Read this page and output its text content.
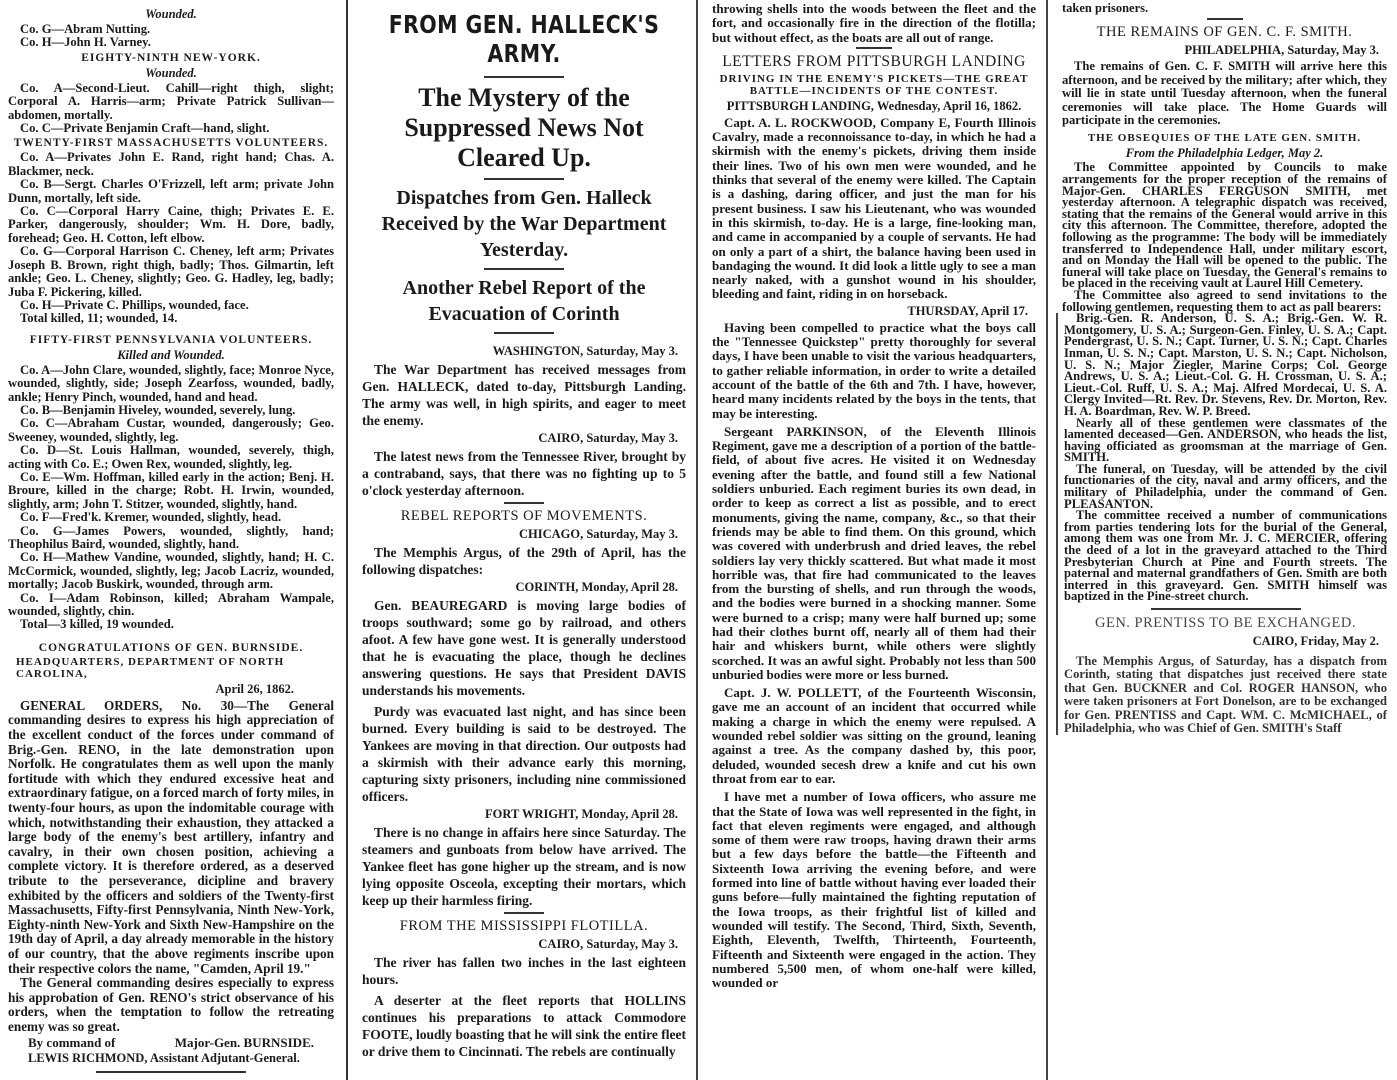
Wounded.

Co. G—Abram Nutting.

Co. H—John H. Varney.

EIGHTY-NINTH NEW-YORK.
Wounded.

Co. A—Second-Lieut. Cahill—right thigh, slight; Corporal A. Harris—arm; Private Patrick Sullivan—abdomen, mortally.

Co. C—Private Benjamin Craft—hand, slight.

TWENTY-FIRST MASSACHUSETTS VOLUNTEERS.

Co. A—Privates John E. Rand, right hand; Chas. A. Blackmer, neck.

Co. B—Sergt. Charles O'Frizzell, left arm; private John Dunn, mortally, left side.

Co. C—Corporal Harry Caine, thigh; Privates E. E. Parker, dangerously, shoulder; Wm. H. Dore, badly, forehead; Geo. H. Cotton, left elbow.

Co. G—Corporal Harrison C. Cheney, left arm; Privates Joseph B. Brown, right thigh, badly; Thos. Gilmartin, left ankle; Geo. L. Cheney, slightly; Geo. G. Hadley, leg, badly; Juba F. Pickering, killed.

Co. H—Private C. Phillips, wounded, face.

Total killed, 11; wounded, 14.

FIFTY-FIRST PENNSYLVANIA VOLUNTEERS.
Killed and Wounded.

Co. A—John Clare, wounded, slightly, face; Monroe Nyce, wounded, slightly, side; Joseph Zearfoss, wounded, badly, ankle; Henry Pinch, wounded, hand and head.

Co. B—Benjamin Hiveley, wounded, severely, lung.

Co. C—Abraham Custar, wounded, dangerously; Geo. Sweeney, wounded, slightly, leg.

Co. D—St. Louis Hallman, wounded, severely, thigh, acting with Co. E.; Owen Rex, wounded, slightly, leg.

Co. E—Wm. Hoffman, killed early in the action; Benj. H. Broure, killed in the charge; Robt. H. Irwin, wounded, slightly, arm; John T. Stitzer, wounded, slightly, hand.

Co. F—Fred'k. Kremer, wounded, slightly, head.

Co. G—James Powers, wounded, slightly, hand; Theophilus Baird, wounded, slightly, hand.

Co. H—Mathew Vandine, wounded, slightly, hand; H. C. McCormick, wounded, slightly, leg; Jacob Lacriz, wounded, mortally; Jacob Buskirk, wounded, through arm.

Co. I—Adam Robinson, killed; Abraham Wampale, wounded, slightly, chin.

Total—3 killed, 19 wounded.

CONGRATULATIONS OF GEN. BURNSIDE.
HEADQUARTERS, DEPARTMENT OF NORTH CAROLINA,
April 26, 1862.

GENERAL ORDERS, No. 30—The General commanding desires to express his high appreciation of the excellent conduct of the forces under command of Brig.-Gen. RENO, in the late demonstration upon Norfolk. He congratulates them as well upon the manly fortitude with which they endured excessive heat and extraordinary fatigue, on a forced march of forty miles, in twenty-four hours, as upon the indomitable courage with which, notwithstanding their exhaustion, they attacked a large body of the enemy's best artillery, infantry and cavalry, in their own chosen position, achieving a complete victory. It is therefore ordered, as a deserved tribute to the perseverance, dicipline and bravery exhibited by the officers and soldiers of the Twenty-first Massachusetts, Fifty-first Pennsylvania, Ninth New-York, Eighty-ninth New-York and Sixth New-Hampshire on the 19th day of April, a day already memorable in the history of our country, that the above regiments inscribe upon their respective colors the name, "Camden, April 19."

The General commanding desires especially to express his approbation of Gen. RENO's strict observance of his orders, when the temptation to follow the retreating enemy was so great.

By command of	Major-Gen. BURNSIDE.
LEWIS RICHMOND, Assistant Adjutant-General.
FROM GEN. HALLECK'S ARMY.
The Mystery of the Suppressed News Not Cleared Up.
Dispatches from Gen. Halleck Received by the War Department Yesterday.
Another Rebel Report of the Evacuation of Corinth
WASHINGTON, Saturday, May 3.

The War Department has received messages from Gen. HALLECK, dated to-day, Pittsburgh Landing. The army was well, in high spirits, and eager to meet the enemy.

CAIRO, Saturday, May 3.

The latest news from the Tennessee River, brought by a contraband, says, that there was no fighting up to 5 o'clock yesterday afternoon.

REBEL REPORTS OF MOVEMENTS.
CHICAGO, Saturday, May 3.

The Memphis Argus, of the 29th of April, has the following dispatches:

CORINTH, Monday, April 28.

Gen. BEAUREGARD is moving large bodies of troops southward; some go by railroad, and others afoot. A few have gone west. It is generally understood that he is evacuating the place, though he declines answering questions. He says that President DAVIS understands his movements.

Purdy was evacuated last night, and has since been burned. Every building is said to be destroyed. The Yankees are moving in that direction. Our outposts had a skirmish with their advance early this morning, capturing sixty prisoners, including nine commissioned officers.

FORT WRIGHT, Monday, April 28.

There is no change in affairs here since Saturday. The steamers and gunboats from below have arrived. The Yankee fleet has gone higher up the stream, and is now lying opposite Osceola, excepting their mortars, which keep up their harmless firing.

FROM THE MISSISSIPPI FLOTILLA.
CAIRO, Saturday, May 3.

The river has fallen two inches in the last eighteen hours.

A deserter at the fleet reports that HOLLINS continues his preparations to attack Commodore FOOTE, loudly boasting that he will sink the entire fleet or drive them to Cincinnati. The rebels are continually

throwing shells into the woods between the fleet and the fort, and occasionally fire in the direction of the flotilla; but without effect, as the boats are all out of range.

LETTERS FROM PITTSBURGH LANDING
DRIVING IN THE ENEMY'S PICKETS—THE GREAT BATTLE—INCIDENTS OF THE CONTEST.
PITTSBURGH LANDING, Wednesday, April 16, 1862.

Capt. A. L. ROCKWOOD, Company E, Fourth Illinois Cavalry, made a reconnoissance to-day, in which he had a skirmish with the enemy's pickets, driving them inside their lines. Two of his own men were wounded, and he thinks that several of the enemy were killed. The Captain is a dashing, daring officer, and just the man for his present business. I saw his Lieutenant, who was wounded in this skirmish, to-day. He is a large, fine-looking man, and came in accompanied by a couple of servants. He had on only a part of a shirt, the balance having been used in bandaging the wound. It did look a little ugly to see a man nearly naked, with a gunshot wound in his shoulder, bleeding and faint, riding in on horseback.

THURSDAY, April 17.

Having been compelled to practice what the boys call the "Tennessee Quickstep" pretty thoroughly for several days, I have been unable to visit the various headquarters, to gather reliable information, in order to write a detailed account of the battle of the 6th and 7th. I have, however, heard many incidents related by the boys in the tents, that may be interesting.

Sergeant PARKINSON, of the Eleventh Illinois Regiment, gave me a description of a portion of the battle-field, of about five acres. He visited it on Wednesday evening after the battle, and found still a few National soldiers unburied. Each regiment buries its own dead, in order to keep as correct a list as possible, and to erect monuments, giving the name, company, &c., so that their friends may be able to find them. On this ground, which was covered with underbrush and dried leaves, the rebel soldiers lay very thickly scattered. But what made it most horrible was, that fire had communicated to the leaves from the bursting of shells, and run through the woods, and the bodies were burned in a shocking manner. Some were burned to a crisp; many were half burned up; some had their clothes burnt off, nearly all of them had their hair and whiskers burnt, while others were slightly scorched. It was an awful sight. Probably not less than 500 unburied bodies were more or less burned.

Capt. J. W. POLLETT, of the Fourteenth Wisconsin, gave me an account of an incident that occurred while making a charge in which the enemy were repulsed. A wounded rebel soldier was sitting on the ground, leaning against a tree. As the company dashed by, this poor, deluded, wounded secesh drew a knife and cut his own throat from ear to ear.

I have met a number of Iowa officers, who assure me that the State of Iowa was well represented in the fight, in fact that eleven regiments were engaged, and although some of them were raw troops, having drawn their arms but a few days before the battle—the Fifteenth and Sixteenth Iowa arriving the evening before, and were formed into line of battle without having ever loaded their guns before—fully maintained the fighting reputation of the Iowa troops, as their frightful list of killed and wounded will testify. The Second, Third, Sixth, Seventh, Eighth, Eleventh, Twelfth, Thirteenth, Fourteenth, Fifteenth and Sixteenth were engaged in the action. They numbered 5,500 men, of whom one-half were killed, wounded or

taken prisoners.

THE REMAINS OF GEN. C. F. SMITH.
PHILADELPHIA, Saturday, May 3.

The remains of Gen. C. F. SMITH will arrive here this afternoon, and be received by the military; after which, they will lie in state until Tuesday afternoon, when the funeral ceremonies will take place. The Home Guards will participate in the ceremonies.

THE OBSEQUIES OF THE LATE GEN. SMITH.
From the Philadelphia Ledger, May 2.

The Committee appointed by Councils to make arrangements for the proper reception of the remains of Major-Gen. CHARLES FERGUSON SMITH, met yesterday afternoon. A telegraphic dispatch was received, stating that the remains of the General would arrive in this city this afternoon. The Committee, therefore, adopted the following as the programme: The body will be immediately transferred to Independence Hall, under military escort, and on Monday the Hall will be opened to the public. The funeral will take place on Tuesday, the General's remains to be placed in the receiving vault at Laurel Hill Cemetery.

The Committee also agreed to send invitations to the following gentlemen, requesting them to act as pall bearers:

Brig.-Gen. R. Anderson, U. S. A.; Brig.-Gen. W. R. Montgomery, U. S. A.; Surgeon-Gen. Finley, U. S. A.; Capt. Pendergrast, U. S. N.; Capt. Turner, U. S. N.; Capt. Charles Inman, U. S. N.; Capt. Marston, U. S. N.; Capt. Nicholson, U. S. N.; Major Ziegler, Marine Corps; Col. George Andrews, U. S. A.; Lieut.-Col. G. H. Crossman, U. S. A.; Lieut.-Col. Ruff, U. S. A.; Maj. Alfred Mordecai, U. S. A. Clergy Invited—Rt. Rev. Dr. Stevens, Rev. Dr. Morton, Rev. H. A. Boardman, Rev. W. P. Breed.

Nearly all of these gentlemen were classmates of the lamented deceased—Gen. ANDERSON, who heads the list, having officiated as groomsman at the marriage of Gen. SMITH.

The funeral, on Tuesday, will be attended by the civil functionaries of the city, naval and army officers, and the military of Philadelphia, under the command of Gen. PLEASANTON.

The committee received a number of communications from parties tendering lots for the burial of the General, among them was one from Mr. J. C. MERCIER, offering the deed of a lot in the graveyard attached to the Third Presbyterian Church at Pine and Fourth streets. The paternal and maternal grandfathers of Gen. Smith are both interred in this graveyard. Gen. SMITH himself was baptized in the Pine-street church.

GEN. PRENTISS TO BE EXCHANGED.
CAIRO, Friday, May 2.

The Memphis Argus, of Saturday, has a dispatch from Corinth, stating that dispatches just received there state that Gen. BUCKNER and Col. ROGER HANSON, who were taken prisoners at Fort Donelson, are to be exchanged for Gen. PRENTISS and Capt. WM. C. McMICHAEL, of Philadelphia, who was Chief of Gen. SMITH's Staff
